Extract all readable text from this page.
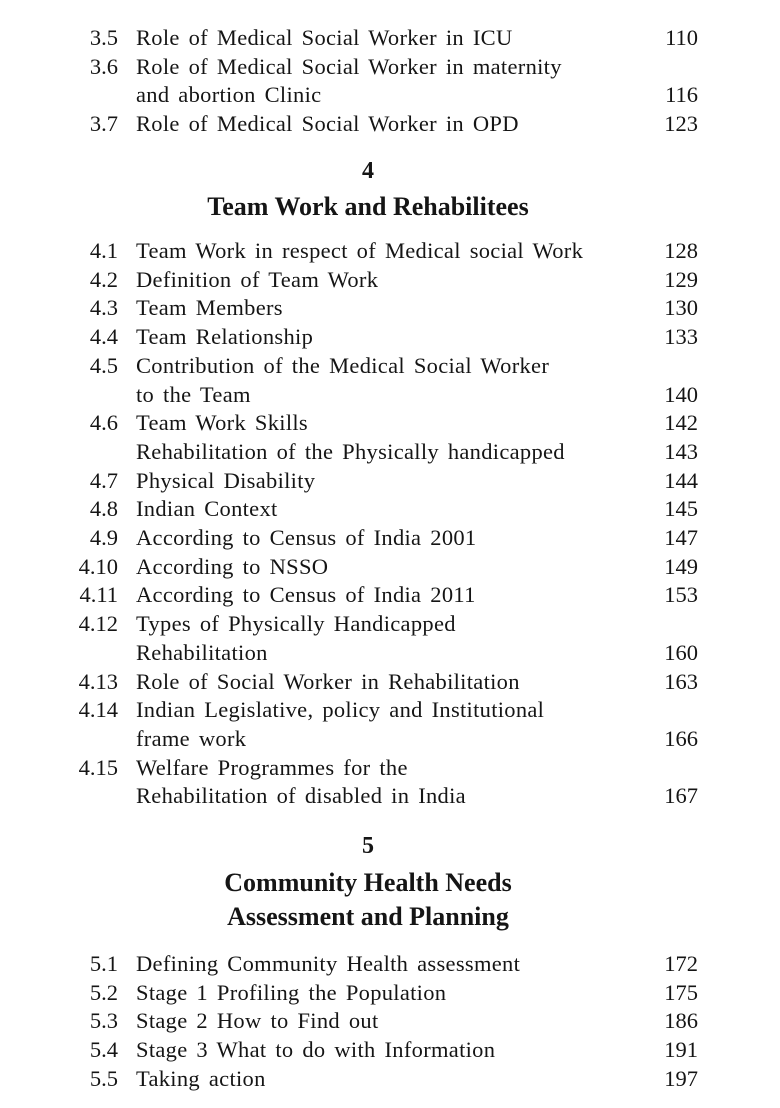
3.5 Role of Medical Social Worker in ICU	110
3.6 Role of Medical Social Worker in maternity
and abortion Clinic	116
3.7 Role of Medical Social Worker in OPD	123
4
Team Work and Rehabilitees
4.1 Team Work in respect of Medical social Work	128
4.2 Definition of Team Work	129
4.3 Team Members	130
4.4 Team Relationship	133
4.5 Contribution of the Medical Social Worker
to the Team	140
4.6 Team Work Skills	142
Rehabilitation of the Physically handicapped	143
4.7 Physical Disability	144
4.8 Indian Context	145
4.9 According to Census of India 2001	147
4.10 According to NSSO	149
4.11 According to Census of India 2011	153
4.12 Types of Physically Handicapped
Rehabilitation	160
4.13 Role of Social Worker in Rehabilitation	163
4.14 Indian Legislative, policy and Institutional
frame work	166
4.15 Welfare Programmes for the
Rehabilitation of disabled in India	167
5
Community Health Needs
Assessment and Planning
5.1 Defining Community Health assessment	172
5.2 Stage 1 Profiling the Population	175
5.3 Stage 2 How to Find out	186
5.4 Stage 3 What to do with Information	191
5.5 Taking action	197
